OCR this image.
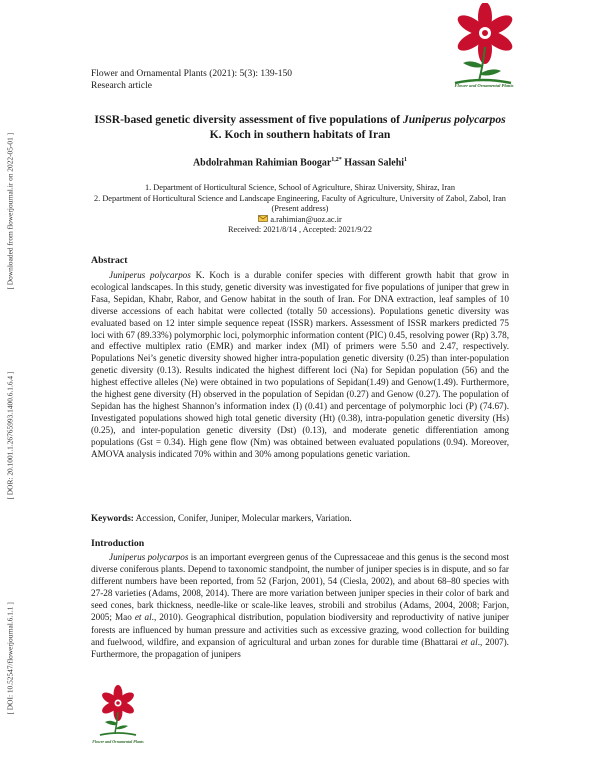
[ Downloaded from flowerjournal.ir on 2022-05-01 ]
[ DOR: 20.1001.1.26765993.1400.6.1.6.4 ]
[ DOI: 10.52547/flowerjournal.6.1.1 ]
Flower and Ornamental Plants (2021): 5(3): 139-150
Research article	Flower and Ornamental Plants
ISSR-based genetic diversity assessment of five populations of Juniperus polycarpos K. Koch in southern habitats of Iran
Abdolrahman Rahimian Boogar$^{1,2*}$ Hassan Salehi$^1$
1. Department of Horticultural Science, School of Agriculture, Shiraz University, Shiraz, Iran
2. Department of Horticultural Science and Landscape Engineering, Faculty of Agriculture, University of Zabol, Zabol, Iran (Present address)
a.rahimian@uoz.ac.ir
Received: 2021/8/14 , Accepted: 2021/9/22
Abstract
Juniperus polycarpos K. Koch is a durable conifer species with different growth habit that grow in ecological landscapes. In this study, genetic diversity was investigated for five populations of juniper that grew in Fasa, Sepidan, Khabr, Rabor, and Genow habitat in the south of Iran. For DNA extraction, leaf samples of 10 diverse accessions of each habitat were collected (totally 50 accessions). Populations genetic diversity was evaluated based on 12 inter simple sequence repeat (ISSR) markers. Assessment of ISSR markers predicted 75 loci with 67 (89.33%) polymorphic loci, polymorphic information content (PIC) 0.45, resolving power (Rp) 3.78, and effective multiplex ratio (EMR) and marker index (MI) of primers were 5.50 and 2.47, respectively. Populations Nei’s genetic diversity showed higher intra-population genetic diversity (0.25) than inter-population genetic diversity (0.13). Results indicated the highest different loci (Na) for Sepidan population (56) and the highest effective alleles (Ne) were obtained in two populations of Sepidan(1.49) and Genow(1.49). Furthermore, the highest gene diversity (H) observed in the population of Sepidan (0.27) and Genow (0.27). The population of Sepidan has the highest Shannon’s information index (I) (0.41) and percentage of polymorphic loci (P) (74.67). Investigated populations showed high total genetic diversity (Ht) (0.38), intra-population genetic diversity (Hs) (0.25), and inter-population genetic diversity (Dst) (0.13), and moderate genetic differentiation among populations (Gst = 0.34). High gene flow (Nm) was obtained between evaluated populations (0.94). Moreover, AMOVA analysis indicated 70% within and 30% among populations genetic variation.
Keywords: Accession, Conifer, Juniper, Molecular markers, Variation.
Introduction
Juniperus polycarpos is an important evergreen genus of the Cupressaceae and this genus is the second most diverse coniferous plants. Depend to taxonomic standpoint, the number of juniper species is in dispute, and so far different numbers have been reported, from 52 (Farjon, 2001), 54 (Ciesla, 2002), and about 68–80 species with 27-28 varieties (Adams, 2008, 2014). There are more variation between juniper species in their color of bark and seed cones, bark thickness, needle-like or scale-like leaves, strobili and strobilus (Adams, 2004, 2008; Farjon, 2005; Mao et al., 2010). Geographical distribution, population biodiversity and reproductivity of native juniper forests are influenced by human pressure and activities such as excessive grazing, wood collection for building and fuelwood, wildfire, and expansion of agricultural and urban zones for durable time (Bhattarai et al., 2007). Furthermore, the propagation of junipers
Flower and Ornamental Plants
